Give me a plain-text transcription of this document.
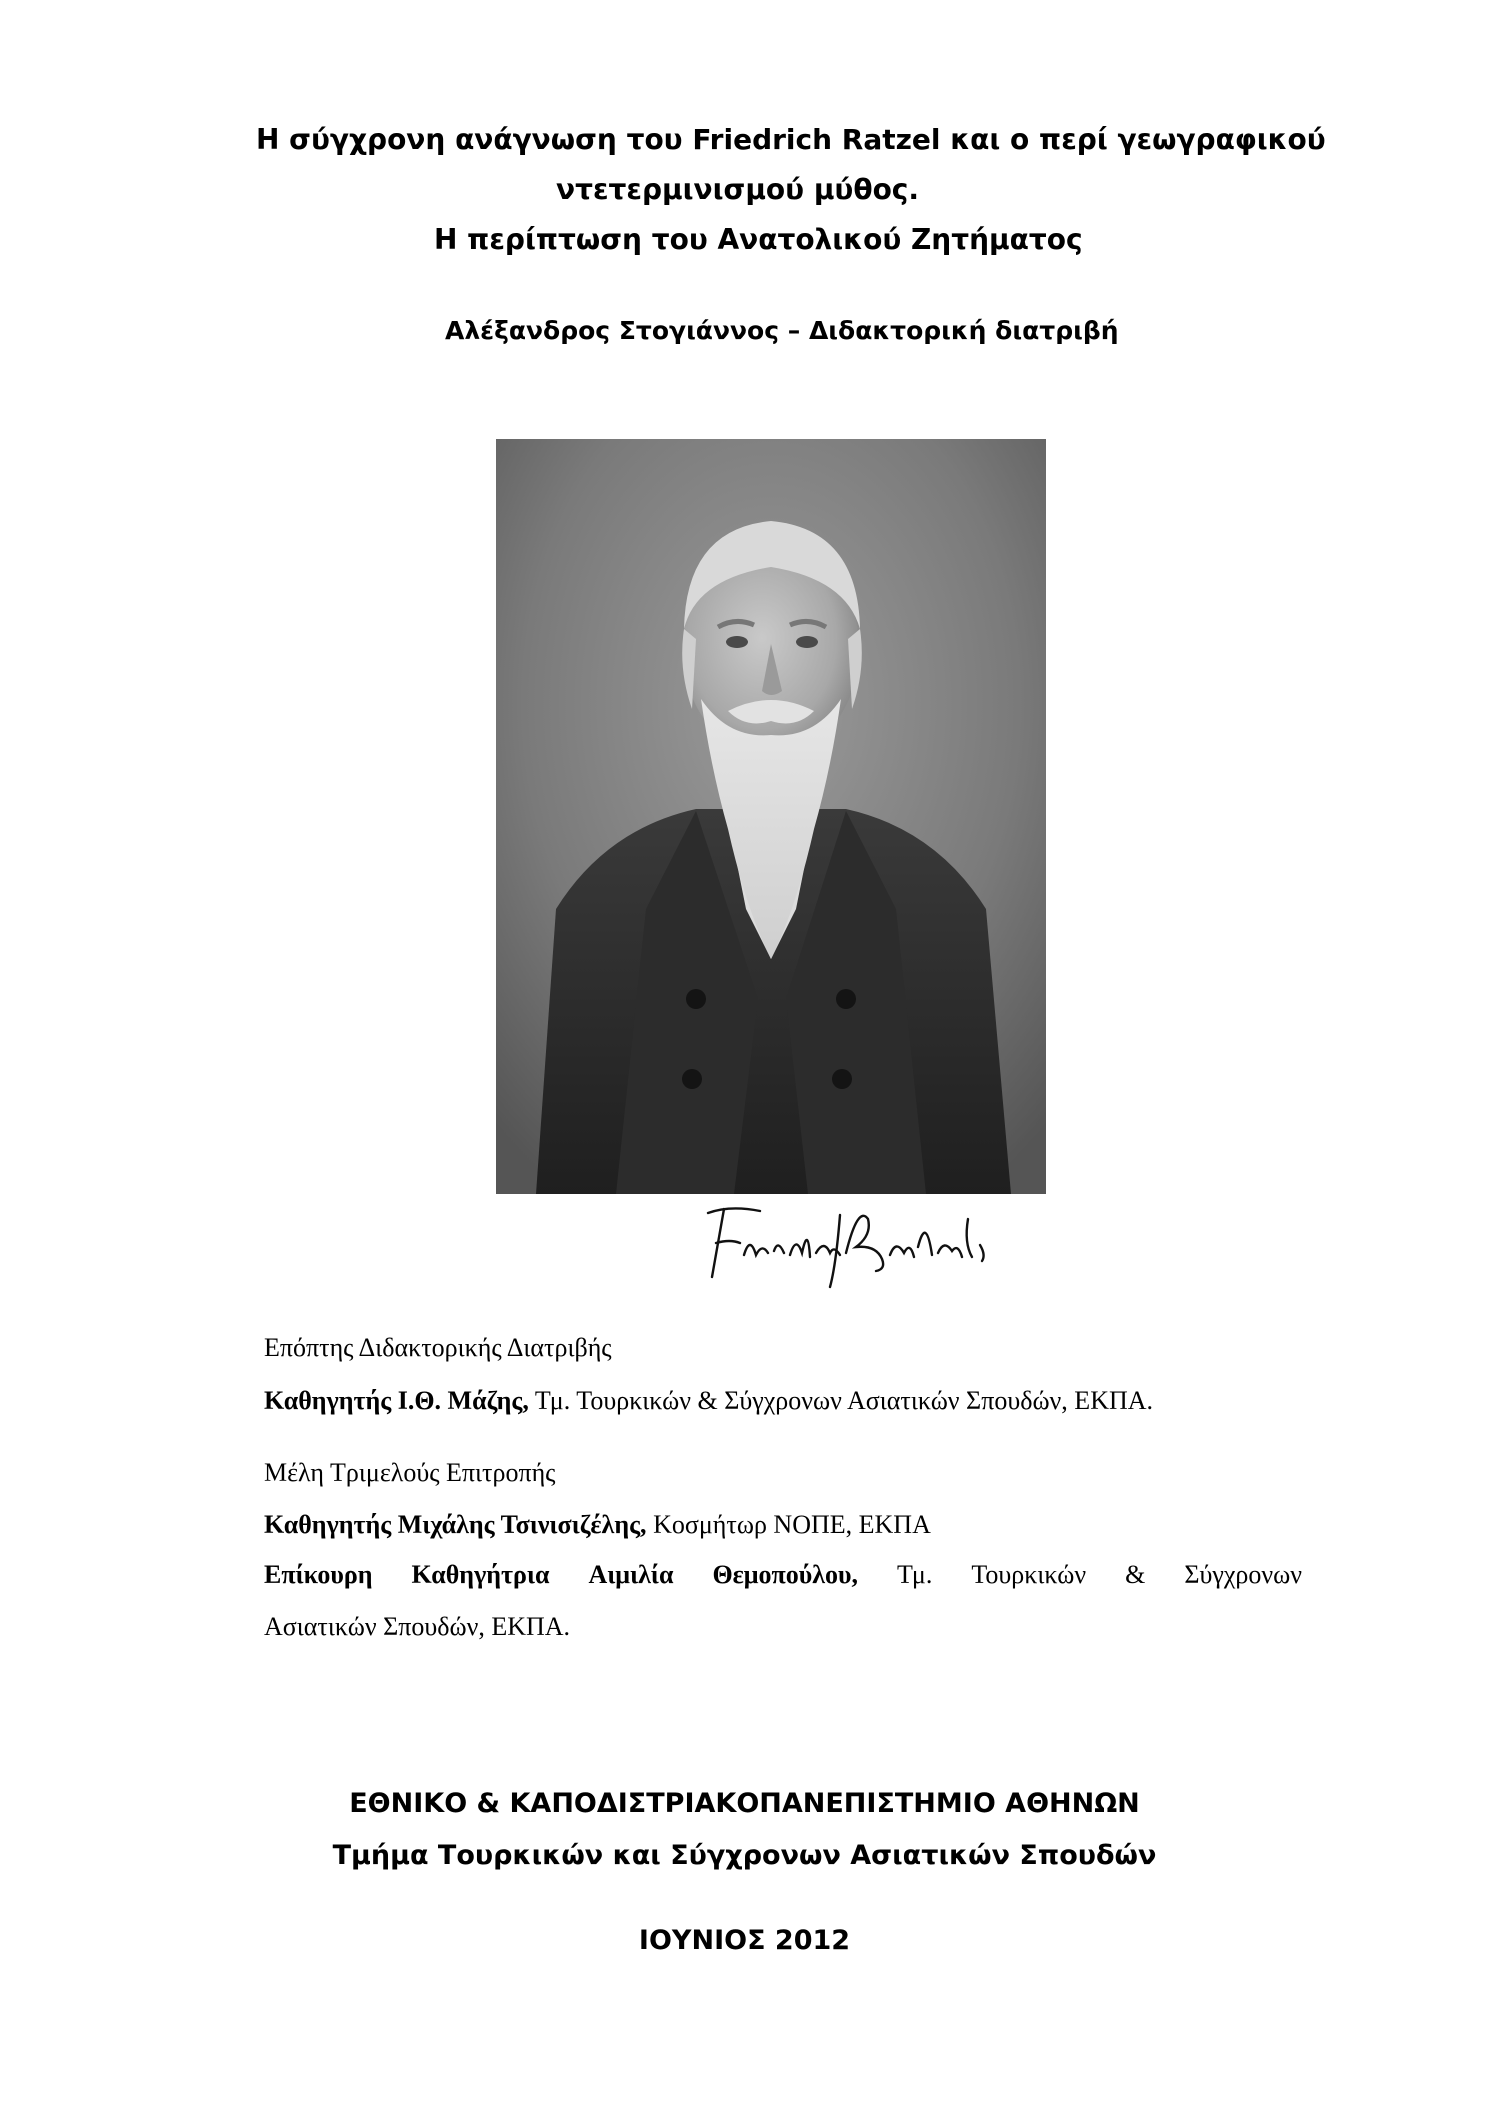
Η σύγχρονη ανάγνωση του Friedrich Ratzel και ο περί γεωγραφικού
ντετερμινισμού μύθος.
Η περίπτωση του Ανατολικού Ζητήματος
Αλέξανδρος Στογιάννος – Διδακτορική διατριβή
Επόπτης Διδακτορικής Διατριβής
Καθηγητής Ι.Θ. Μάζης, Τμ. Τουρκικών & Σύγχρονων Ασιατικών Σπουδών, ΕΚΠΑ.
Μέλη Τριμελούς Επιτροπής
Καθηγητής Μιχάλης Τσινισιζέλης, Κοσμήτωρ ΝΟΠΕ, ΕΚΠΑ
Επίκουρη Καθηγήτρια Αιμιλία Θεμοπούλου, Τμ. Τουρκικών & Σύγχρονων
Ασιατικών Σπουδών, ΕΚΠΑ.
ΕΘΝΙΚΟ & ΚΑΠΟΔΙΣΤΡΙΑΚΟΠΑΝΕΠΙΣΤΗΜΙΟ ΑΘΗΝΩΝ
Τμήμα Τουρκικών και Σύγχρονων Ασιατικών Σπουδών
ΙΟΥΝΙΟΣ 2012
